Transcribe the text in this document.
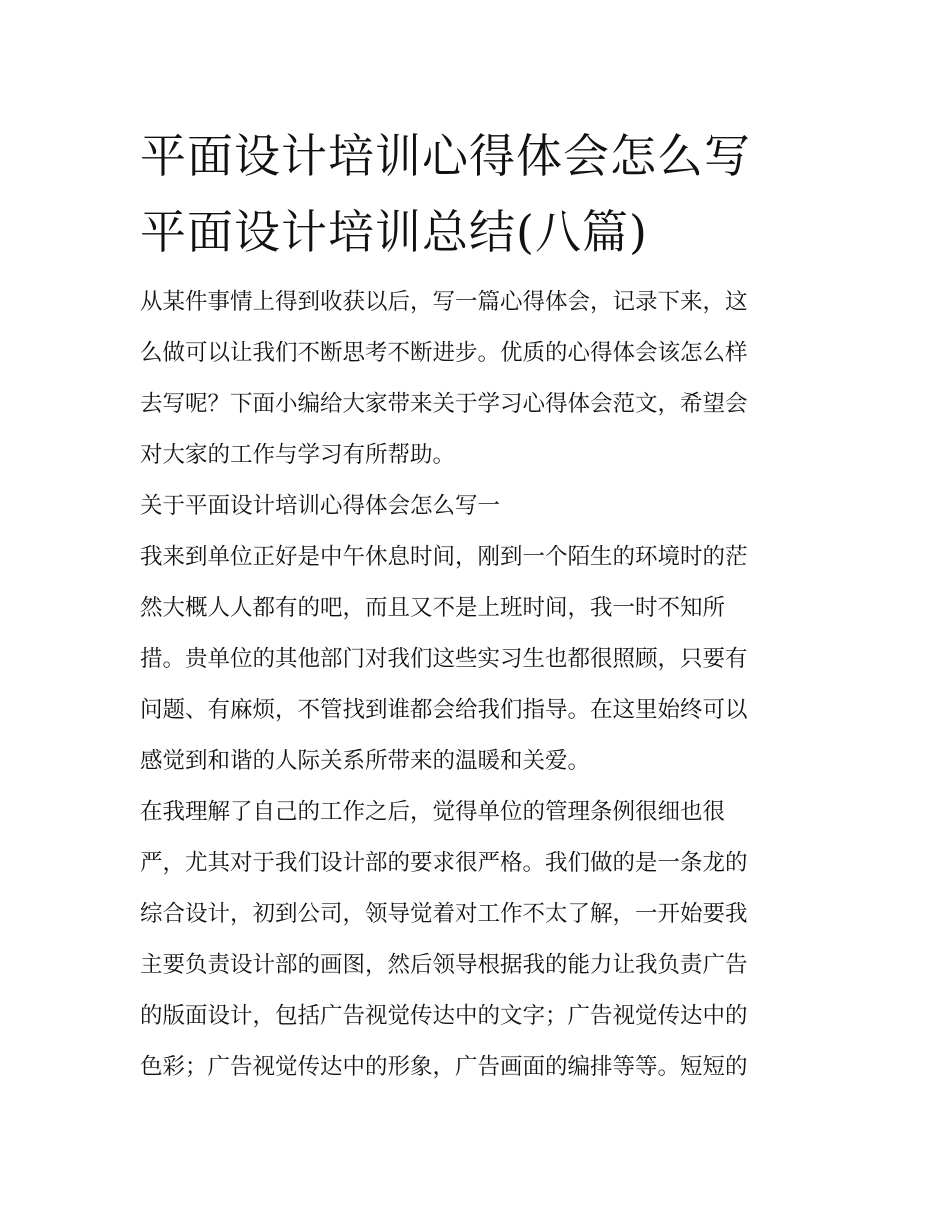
平面设计培训心得体会怎么写
平面设计培训总结(八篇)

从某件事情上得到收获以后，写一篇心得体会，记录下来，这
么做可以让我们不断思考不断进步。优质的心得体会该怎么样
去写呢？下面小编给大家带来关于学习心得体会范文，希望会
对大家的工作与学习有所帮助。

关于平面设计培训心得体会怎么写一

我来到单位正好是中午休息时间，刚到一个陌生的环境时的茫
然大概人人都有的吧，而且又不是上班时间，我一时不知所
措。贵单位的其他部门对我们这些实习生也都很照顾，只要有
问题、有麻烦，不管找到谁都会给我们指导。在这里始终可以
感觉到和谐的人际关系所带来的温暖和关爱。

在我理解了自己的工作之后，觉得单位的管理条例很细也很
严，尤其对于我们设计部的要求很严格。我们做的是一条龙的
综合设计，初到公司，领导觉着对工作不太了解，一开始要我
主要负责设计部的画图，然后领导根据我的能力让我负责广告
的版面设计，包括广告视觉传达中的文字；广告视觉传达中的
色彩；广告视觉传达中的形象，广告画面的编排等等。短短的
